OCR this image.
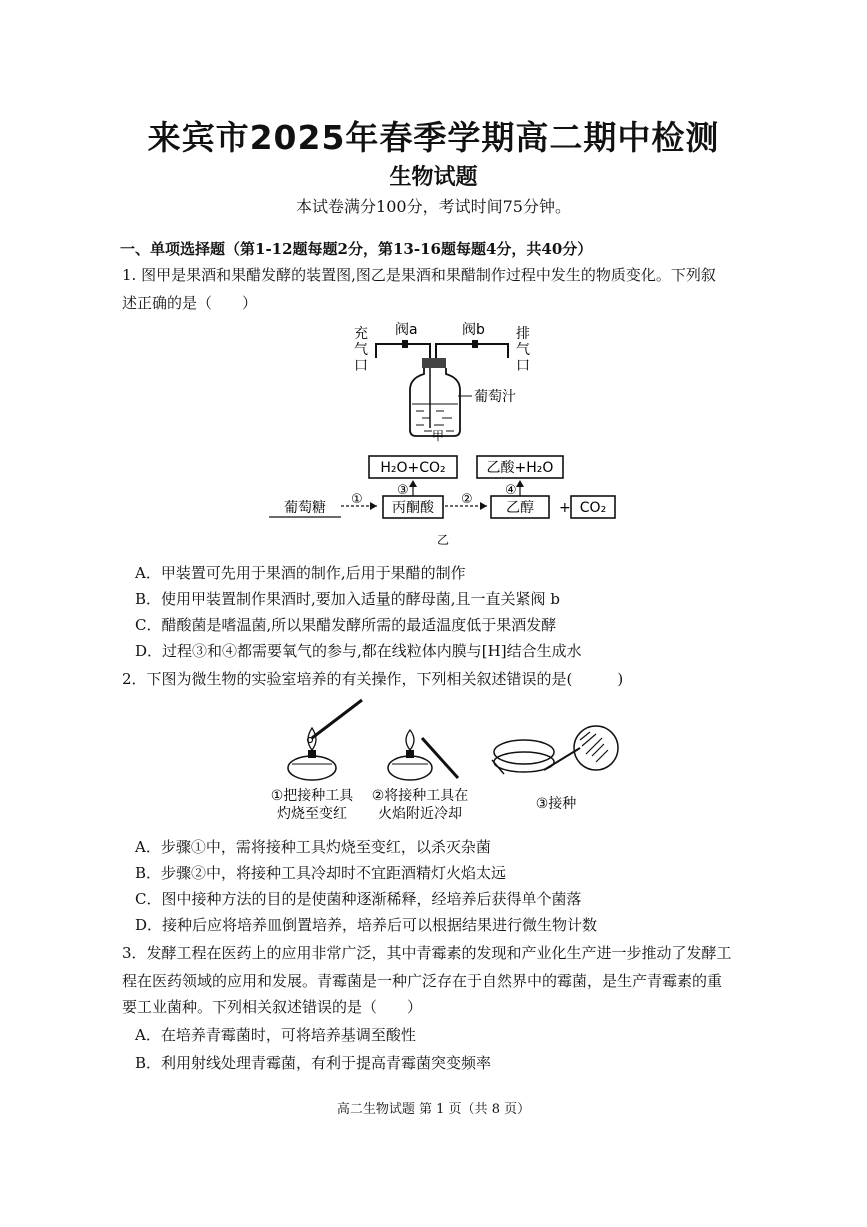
来宾市2025年春季学期高二期中检测
生物试题
本试卷满分100分，考试时间75分钟。
一、单项选择题（第1-12题每题2分，第13-16题每题4分，共40分）
1. 图甲是果酒和果醋发酵的装置图,图乙是果酒和果醋制作过程中发生的物质变化。下列叙
述正确的是（　　）
充
气
口
阀a	阀b 排
气
口
葡萄汁
甲
H₂O+CO₂	乙酸+H₂O
葡萄糖
①
丙酮酸
③
②
乙醇
④
+ CO₂
乙
A．甲装置可先用于果酒的制作,后用于果醋的制作
B．使用甲装置制作果酒时,要加入适量的酵母菌,且一直关紧阀 b
C．醋酸菌是嗜温菌,所以果醋发酵所需的最适温度低于果酒发酵
D．过程③和④都需要氧气的参与,都在线粒体内膜与[H]结合生成水
2．下图为微生物的实验室培养的有关操作，下列相关叙述错误的是(　　　)
①把接种工具
灼烧至变红
②将接种工具在
火焰附近冷却
③接种
A．步骤①中，需将接种工具灼烧至变红，以杀灭杂菌
B．步骤②中，将接种工具冷却时不宜距酒精灯火焰太远
C．图中接种方法的目的是使菌种逐渐稀释，经培养后获得单个菌落
D．接种后应将培养皿倒置培养，培养后可以根据结果进行微生物计数
3．发酵工程在医药上的应用非常广泛，其中青霉素的发现和产业化生产进一步推动了发酵工
程在医药领域的应用和发展。青霉菌是一种广泛存在于自然界中的霉菌，是生产青霉素的重
要工业菌种。下列相关叙述错误的是（　　）
A．在培养青霉菌时，可将培养基调至酸性
B．利用射线处理青霉菌，有利于提高青霉菌突变频率
高二生物试题 第 1 页（共 8 页）
